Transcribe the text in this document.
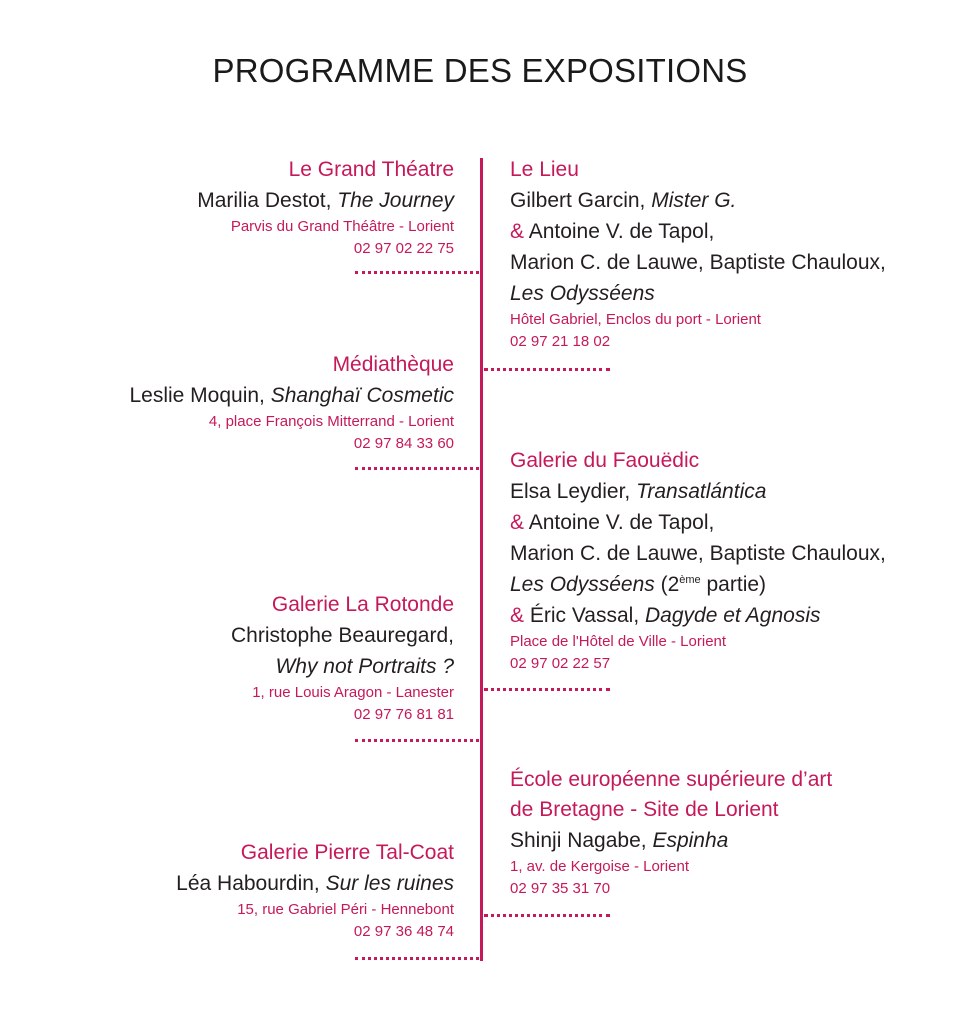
PROGRAMME DES EXPOSITIONS
Le Grand Théatre
Marilia Destot, The Journey
Parvis du Grand Théâtre - Lorient
02 97 02 22 75
Médiathèque
Leslie Moquin, Shanghaï Cosmetic
4, place François Mitterrand - Lorient
02 97 84 33 60
Galerie La Rotonde
Christophe Beauregard,
Why not Portraits ?
1, rue Louis Aragon - Lanester
02 97 76 81 81
Galerie Pierre Tal-Coat
Léa Habourdin, Sur les ruines
15, rue Gabriel Péri - Hennebont
02 97 36 48 74
Le Lieu
Gilbert Garcin, Mister G.
& Antoine V. de Tapol,
Marion C. de Lauwe, Baptiste Chauloux,
Les Odysséens
Hôtel Gabriel, Enclos du port - Lorient
02 97 21 18 02
Galerie du Faouëdic
Elsa Leydier, Transatlántica
& Antoine V. de Tapol,
Marion C. de Lauwe, Baptiste Chauloux,
Les Odysséens (2ème partie)
& Éric Vassal, Dagyde et Agnosis
Place de l'Hôtel de Ville - Lorient
02 97 02 22 57
École européenne supérieure d’art
de Bretagne - Site de Lorient
Shinji Nagabe, Espinha
1, av. de Kergoise - Lorient
02 97 35 31 70
